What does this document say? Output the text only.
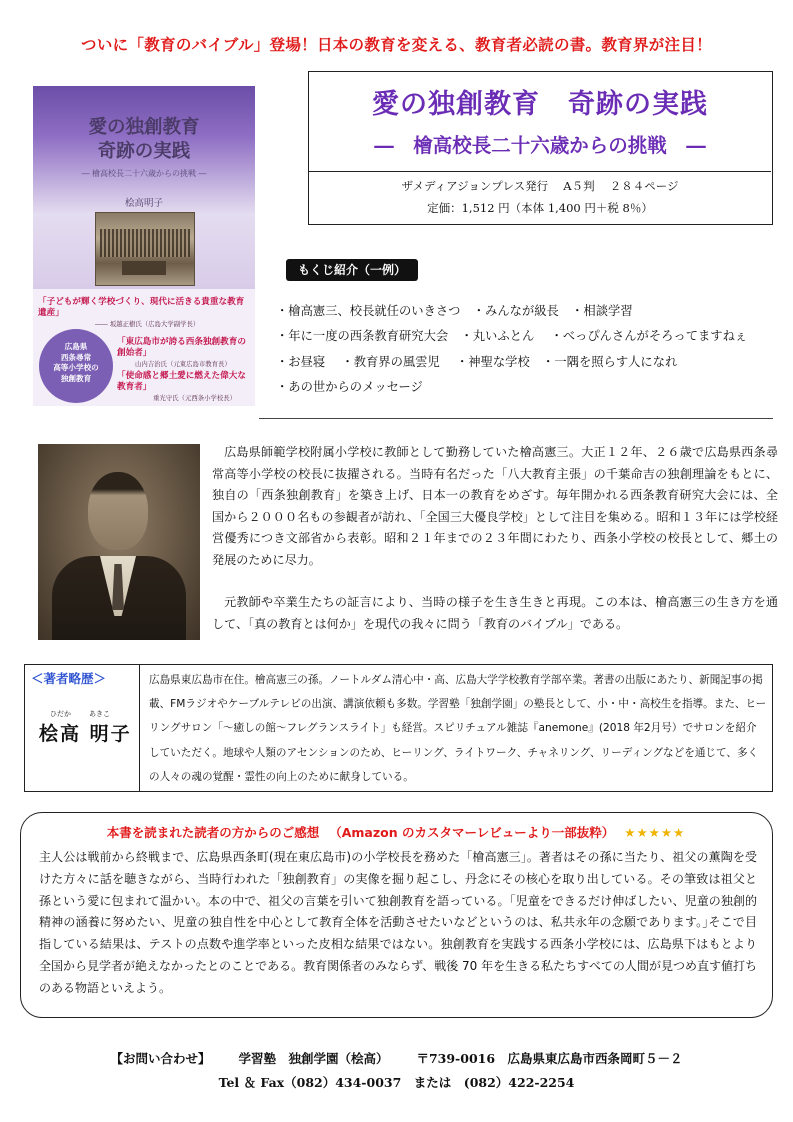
ついに「教育のバイブル」登場！日本の教育を変える、教育者必読の書。教育界が注目！
愛の独創教育
奇跡の実践
― 檜高校長二十六歳からの挑戦 ―
桧高明子
「子どもが輝く学校づくり、現代に活きる貴重な教育遺産」
―― 坂越正樹氏（広島大学副学長）
広島県
西条尋常
高等小学校の
独創教育
「東広島市が誇る西条独創教育の創始者」
山内吉治氏（元東広島市教育長）
「使命感と郷土愛に燃えた偉大な教育者」
重光守氏（元西条小学校長）
愛の独創教育　奇跡の実践
―　檜高校長二十六歳からの挑戦　―
ザメディアジョンプレス発行　 A５判　 ２８４ページ
定価：1,512 円（本体 1,400 円＋税 8％）
もくじ紹介（一例）
・檜高憲三、校長就任のいきさつ　・みんなが級長　・相談学習
・年に一度の西条教育研究大会　・丸いふとん　 ・べっぴんさんがそろってますねぇ
・お昼寝　 ・教育界の風雲児　 ・神聖な学校　・一隅を照らす人になれ
・あの世からのメッセージ

広島県師範学校附属小学校に教師として勤務していた檜高憲三。大正１２年、２６歳で広島県西条尋常高等小学校の校長に抜擢される。当時有名だった「八大教育主張」の千葉命吉の独創理論をもとに、独自の「西条独創教育」を築き上げ、日本一の教育をめざす。毎年開かれる西条教育研究大会には、全国から２０００名もの参観者が訪れ、「全国三大優良学校」として注目を集める。昭和１３年には学校経営優秀につき文部省から表彰。昭和２１年までの２３年間にわたり、西条小学校の校長として、郷土の発展のために尽力。

元教師や卒業生たちの証言により、当時の様子を生き生きと再現。この本は、檜高憲三の生き方を通して、「真の教育とは何か」を現代の我々に問う「教育のバイブル」である。

＜著者略歴＞
ひだか	あきこ
桧高 明子

広島県東広島市在住。檜高憲三の孫。ノートルダム清心中・高、広島大学学校教育学部卒業。著書の出版にあたり、新聞記事の掲載、FMラジオやケーブルテレビの出演、講演依頼も多数。学習塾「独創学園」の塾長として、小・中・高校生を指導。また、ヒーリングサロン「～癒しの館～フレグランスライト」も経営。スピリチュアル雑誌『anemone』(2018 年2月号）でサロンを紹介していただく。地球や人類のアセンションのため、ヒーリング、ライトワーク、チャネリング、リーディングなどを通じて、多くの人々の魂の覚醒・霊性の向上のために献身している。

本書を読まれた読者の方からのご感想 （Amazon のカスタマーレビューより一部抜粋） ★★★★★

主人公は戦前から終戦まで、広島県西条町(現在東広島市)の小学校長を務めた「檜高憲三」。著者はその孫に当たり、祖父の薫陶を受けた方々に話を聴きながら、当時行われた「独創教育」の実像を掘り起こし、丹念にその核心を取り出している。その筆致は祖父と孫という愛に包まれて温かい。本の中で、祖父の言葉を引いて独創教育を語っている。｢児童をできるだけ伸ばしたい、児童の独創的精神の涵養に努めたい、児童の独自性を中心として教育全体を活動させたいなどというのは、私共永年の念願であります。｣そこで目指している結果は、テストの点数や進学率といった皮相な結果ではない。独創教育を実践する西条小学校には、広島県下はもとより全国から見学者が絶えなかったとのことである。教育関係者のみならず、戦後 70 年を生きる私たちすべての人間が見つめ直す値打ちのある物語といえよう。

【お問い合わせ】 学習塾　独創学園（桧高） 〒739-0016　広島県東広島市西条岡町５－２
Tel ＆ Fax（082）434-0037　または　(082）422-2254
